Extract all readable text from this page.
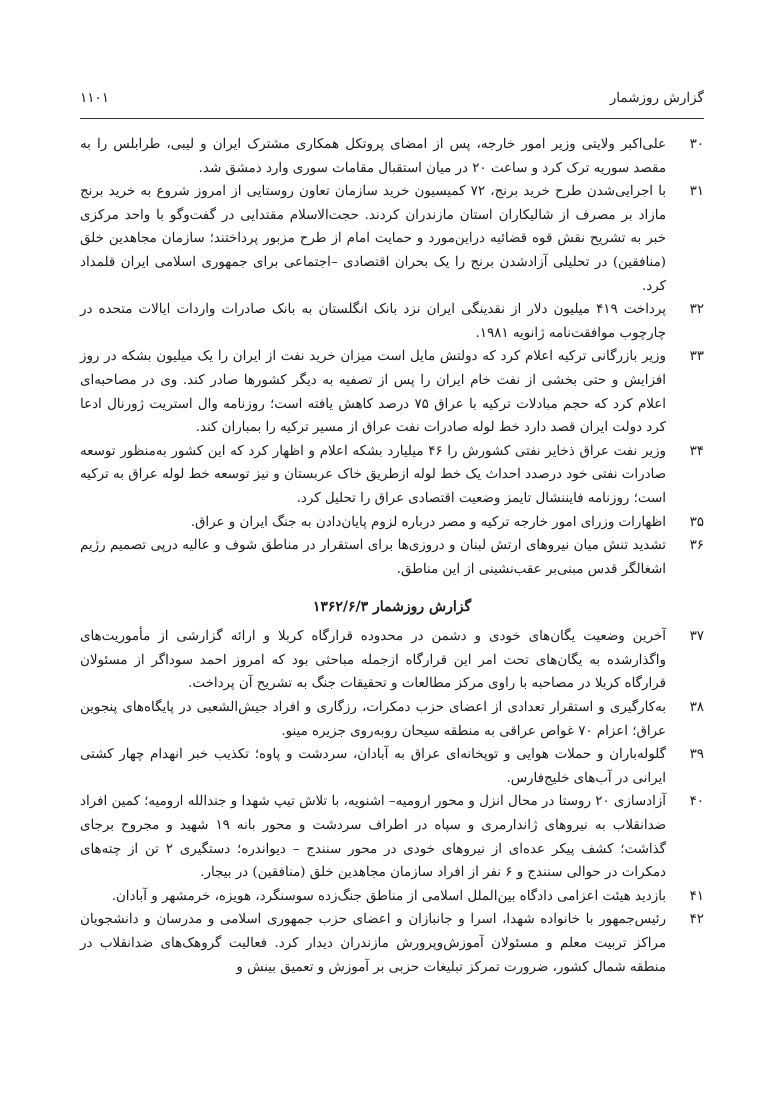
گزارش روزشمار
۱۱۰۱

۳۰
علی‌اکبر ولایتی وزیر امور خارجه، پس از امضای پروتکل همکاری مشترک ایران و لیبی، طرابلس را به مقصد سوریه ترک کرد و ساعت ۲۰ در میان استقبال مقامات سوری وارد دمشق شد.

۳۱
با اجرایی‌شدن طرح خرید برنج، ۷۲ کمیسیون خرید سازمان تعاون روستایی از امروز شروع به خرید برنج مازاد بر مصرف از شالیکاران استان مازندران کردند. حجت‌الاسلام مقتدایی در گفت‌وگو با واحد مرکزی خبر به تشریح نقش قوه قضائیه دراین‌مورد و حمایت امام از طرح مزبور پرداختند؛ سازمان مجاهدین خلق (منافقین) در تحلیلی آزادشدن برنج را یک بحران اقتصادی –اجتماعی برای جمهوری اسلامی ایران قلمداد کرد.

۳۲
پرداخت ۴۱۹ میلیون دلار از نقدینگی ایران نزد بانک انگلستان به بانک صادرات واردات ایالات متحده در چارچوب موافقت‌نامه ژانویه ۱۹۸۱.

۳۳
وزیر بازرگانی ترکیه اعلام کرد که دولتش مایل است میزان خرید نفت از ایران را یک میلیون بشکه در روز افزایش و حتی بخشی از نفت خام ایران را پس از تصفیه به دیگر کشورها صادر کند. وی در مصاحبه‌ای اعلام کرد که حجم مبادلات ترکیه با عراق ۷۵ درصد کاهش یافته است؛ روزنامه وال استریت ژورنال ادعا کرد دولت ایران قصد دارد خط لوله صادرات نفت عراق از مسیر ترکیه را بمباران کند.

۳۴
وزیر نفت عراق ذخایر نفتی کشورش را ۴۶ میلیارد بشکه اعلام و اظهار کرد که این کشور به‌منظور توسعه صادرات نفتی خود درصدد احداث یک خط لوله ازطریق خاک عربستان و نیز توسعه خط لوله عراق به ترکیه است؛ روزنامه فایننشال تایمز وضعیت اقتصادی عراق را تحلیل کرد.

۳۵
اظهارات وزرای امور خارجه ترکیه و مصر درباره لزوم پایان‌دادن به جنگ ایران و عراق.

۳۶
تشدید تنش میان نیروهای ارتش لبنان و دروزی‌ها برای استقرار در مناطق شوف و عالیه درپی تصمیم رژیم اشغالگر قدس مبنی‌بر عقب‌نشینی از این مناطق.

گزارش روزشمار ۱۳۶۲/۶/۳

۳۷
آخرین وضعیت یگان‌های خودی و دشمن در محدوده قرارگاه کربلا و ارائه گزارشی از مأموریت‌های واگذارشده به یگان‌های تحت امر این قرارگاه ازجمله مباحثی بود که امروز احمد سوداگر از مسئولان قرارگاه کربلا در مصاحبه با راوی مرکز مطالعات و تحقیقات جنگ به تشریح آن پرداخت.

۳۸
به‌کارگیری و استقرار تعدادی از اعضای حزب دمکرات، رزگاری و افراد جیش‌الشعبی در پایگاه‌های پنجوین عراق؛ اعزام ۷۰ غواص عراقی به منطقه سیحان روبه‌روی جزیره مینو.

۳۹
گلوله‌باران و حملات هوایی و توپخانه‌ای عراق به آبادان، سردشت و پاوه؛ تکذیب خبر انهدام چهار کشتی ایرانی در آب‌های خلیج‌فارس.

۴۰
آزادسازی ۲۰ روستا در محال انزل و محور ارومیه– اشنویه، با تلاش تیپ شهدا و جندالله ارومیه؛ کمین افراد ضدانقلاب به نیروهای ژاندارمری و سپاه در اطراف سردشت و محور بانه ۱۹ شهید و مجروح برجای گذاشت؛ کشف پیکر عده‌ای از نیروهای خودی در محور سنندج – دیواندره؛ دستگیری ۲ تن از چته‌های دمکرات در حوالی سنندج و ۶ نفر از افراد سازمان مجاهدین خلق (منافقین) در بیجار.

۴۱
بازدید هیئت اعزامی دادگاه بین‌الملل اسلامی از مناطق جنگ‌زده سوسنگرد، هویزه، خرمشهر و آبادان.

۴۲
رئیس‌جمهور با خانواده شهدا، اسرا و جانبازان و اعضای حزب جمهوری اسلامی و مدرسان و دانشجویان مراکز تربیت معلم و مسئولان آموزش‌وپرورش مازندران دیدار کرد. فعالیت گروهک‌های ضدانقلاب در منطقه شمال کشور، ضرورت تمرکز تبلیغات حزبی بر آموزش و تعمیق بینش و
